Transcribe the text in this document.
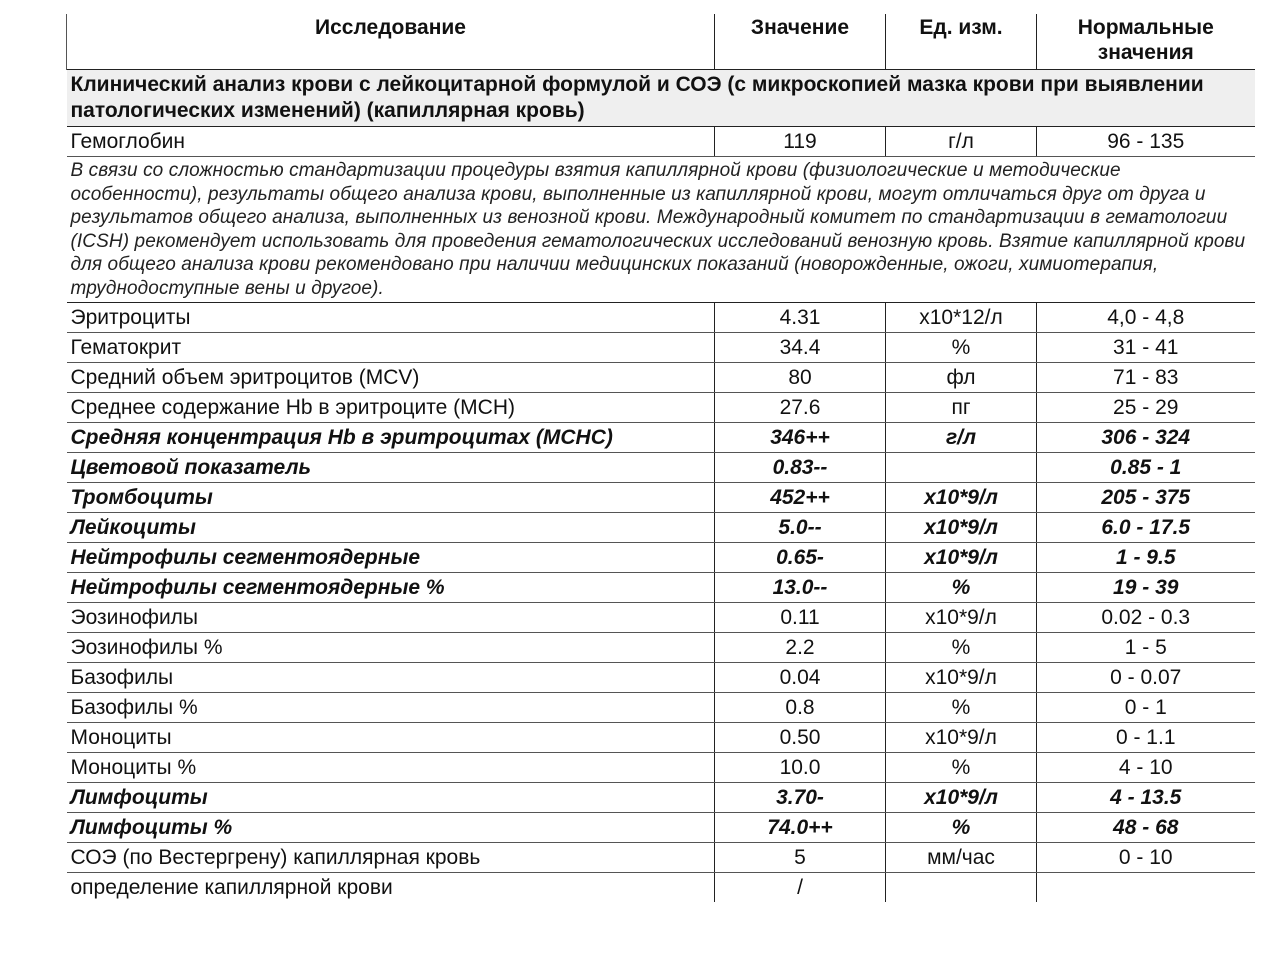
Исследование	Значение	Ед. изм.	Нормальные значения
Клинический анализ крови с лейкоцитарной формулой и СОЭ (с микроскопией мазка крови при выявлении патологических изменений) (капиллярная кровь)			
Гемоглобин	119	г/л	96 - 135
В связи со сложностью стандартизации процедуры взятия капиллярной крови (физиологические и методические особенности), результаты общего анализа крови, выполненные из капиллярной крови, могут отличаться друг от друга и результатов общего анализа, выполненных из венозной крови. Международный комитет по стандартизации в гематологии (ICSH) рекомендует использовать для проведения гематологических исследований венозную кровь. Взятие капиллярной крови для общего анализа крови рекомендовано при наличии медицинских показаний (новорожденные, ожоги, химиотерапия, труднодоступные вены и другое).			
Эритроциты	4.31	x10*12/л	4,0 - 4,8
Гематокрит	34.4	%	31 - 41
Средний объем эритроцитов (MCV)	80	фл	71 - 83
Среднее содержание Hb в эритроците (MCH)	27.6	пг	25 - 29
Средняя концентрация Hb в эритроцитах (MCHC)	346++	г/л	306 - 324
Цветовой показатель	0.83--		0.85 - 1
Тромбоциты	452++	x10*9/л	205 - 375
Лейкоциты	5.0--	x10*9/л	6.0 - 17.5
Нейтрофилы сегментоядерные	0.65-	x10*9/л	1 - 9.5
Нейтрофилы сегментоядерные %	13.0--	%	19 - 39
Эозинофилы	0.11	x10*9/л	0.02 - 0.3
Эозинофилы %	2.2	%	1 - 5
Базофилы	0.04	x10*9/л	0 - 0.07
Базофилы %	0.8	%	0 - 1
Моноциты	0.50	x10*9/л	0 - 1.1
Моноциты %	10.0	%	4 - 10
Лимфоциты	3.70-	x10*9/л	4 - 13.5
Лимфоциты %	74.0++	%	48 - 68
СОЭ (по Вестергрену) капиллярная кровь	5	мм/час	0 - 10
определение капиллярной крови	/		
